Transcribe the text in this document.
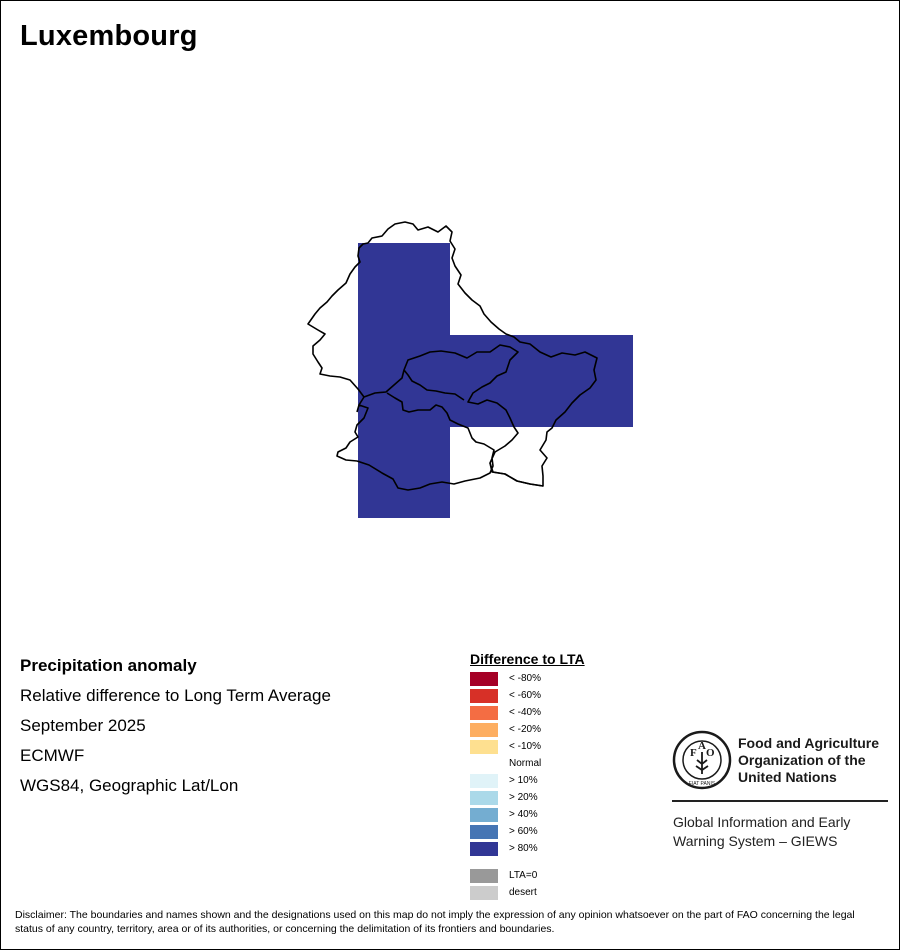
Luxembourg
Precipitation anomaly
Relative difference to Long Term Average
September 2025
ECMWF
WGS84, Geographic Lat/Lon
Difference to LTA
< -80%
< -60%
< -40%
< -20%
< -10%
Normal
> 10%
> 20%
> 40%
> 60%
> 80%
LTA=0
desert
F
A
O
FIAT PANIS
Food and Agriculture
Organization of the
United Nations
Global Information and Early
Warning System – GIEWS
Disclaimer: The boundaries and names shown and the designations used on this map do not imply the expression of any opinion whatsoever on the part of FAO concerning the legal status of any country, territory, area or of its authorities, or concerning the delimitation of its frontiers and boundaries.
